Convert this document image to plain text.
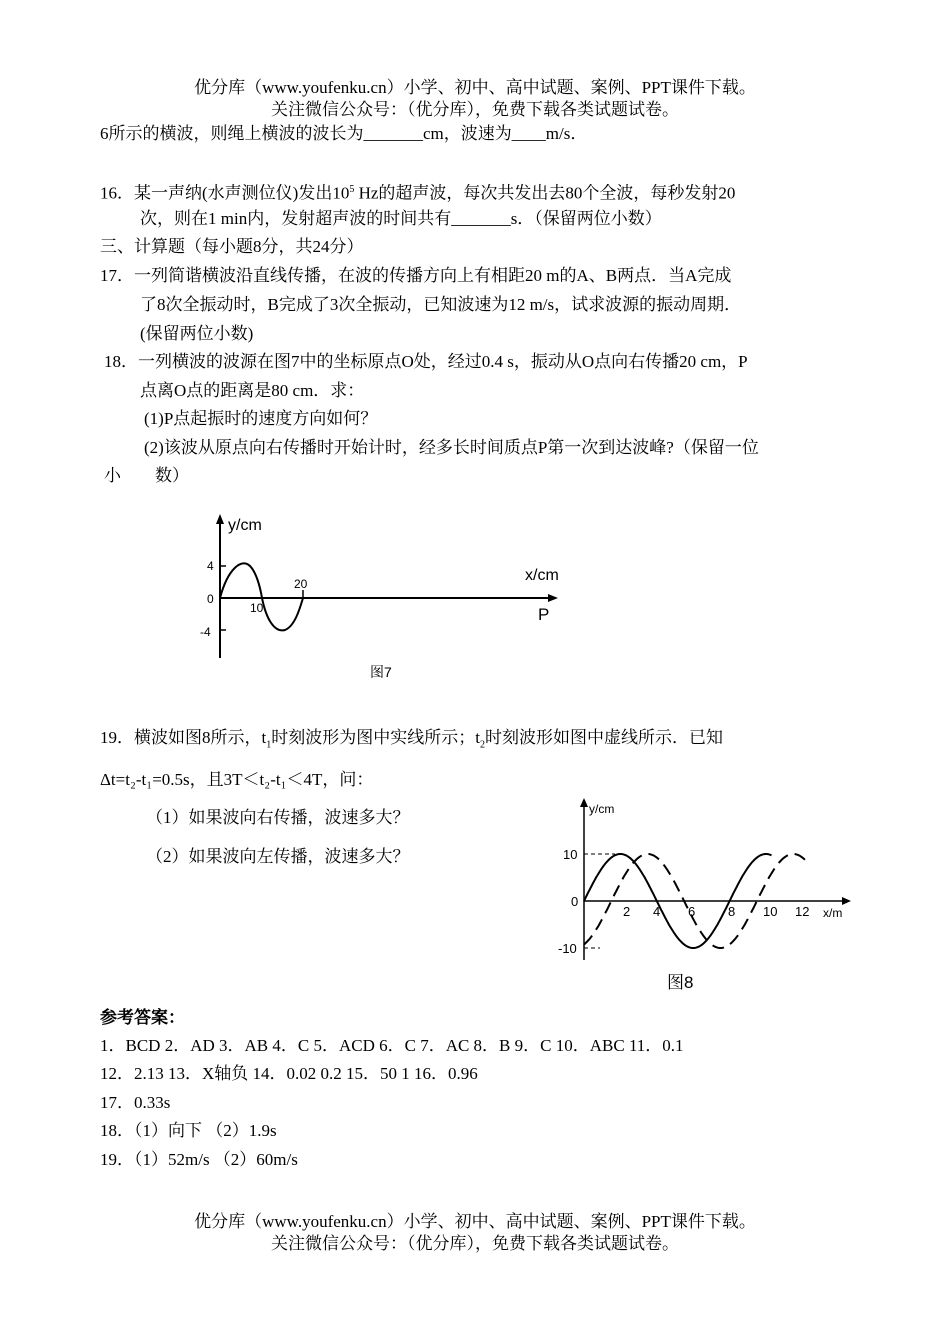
优分库（www.youfenku.cn）小学、初中、高中试题、案例、PPT课件下载。
关注微信公众号：（优分库），免费下载各类试题试卷。
6所示的横波，则绳上横波的波长为_______cm，波速为____m/s．
16．某一声纳(水声测位仪)发出$10^5$ Hz的超声波，每次共发出去80个全波，每秒发射20
次，则在1 min内，发射超声波的时间共有_______s．（保留两位小数）
三、计算题（每小题8分，共24分）
17．一列简谐横波沿直线传播，在波的传播方向上有相距20 m的A、B两点．当A完成
了8次全振动时，B完成了3次全振动，已知波速为12 m/s，试求波源的振动周期．
(保留两位小数)
18．一列横波的波源在图7中的坐标原点O处，经过0.4 s，振动从O点向右传播20 cm，P
点离O点的距离是80 cm．求：
(1)P点起振时的速度方向如何？
(2)该波从原点向右传播时开始计时，经多长时间质点P第一次到达波峰?（保留一位
小　　数）
y/cm
x/cm
4
0
-4
10
20
P
图7
19．横波如图8所示，$t_1$时刻波形为图中实线所示；$t_2$时刻波形如图中虚线所示．已知
Δt=t₂-t₁=0.5s，且3T＜t₂-t₁＜4T，问：
（1）如果波向右传播，波速多大？
（2）如果波向左传播，波速多大？
y/cm
x/m
10
0
-10
2 4 6	8 10 12
图8
参考答案：
1．BCD 2．AD 3．AB 4．C 5．ACD 6．C 7．AC 8．B 9．C 10．ABC 11．0.1
12．2.13 13．X轴负 14．0.02 0.2 15．50 1 16．0.96
17．0.33s
18．（1）向下 （2）1.9s
19．（1）52m/s （2）60m/s
优分库（www.youfenku.cn）小学、初中、高中试题、案例、PPT课件下载。
关注微信公众号：（优分库），免费下载各类试题试卷。
